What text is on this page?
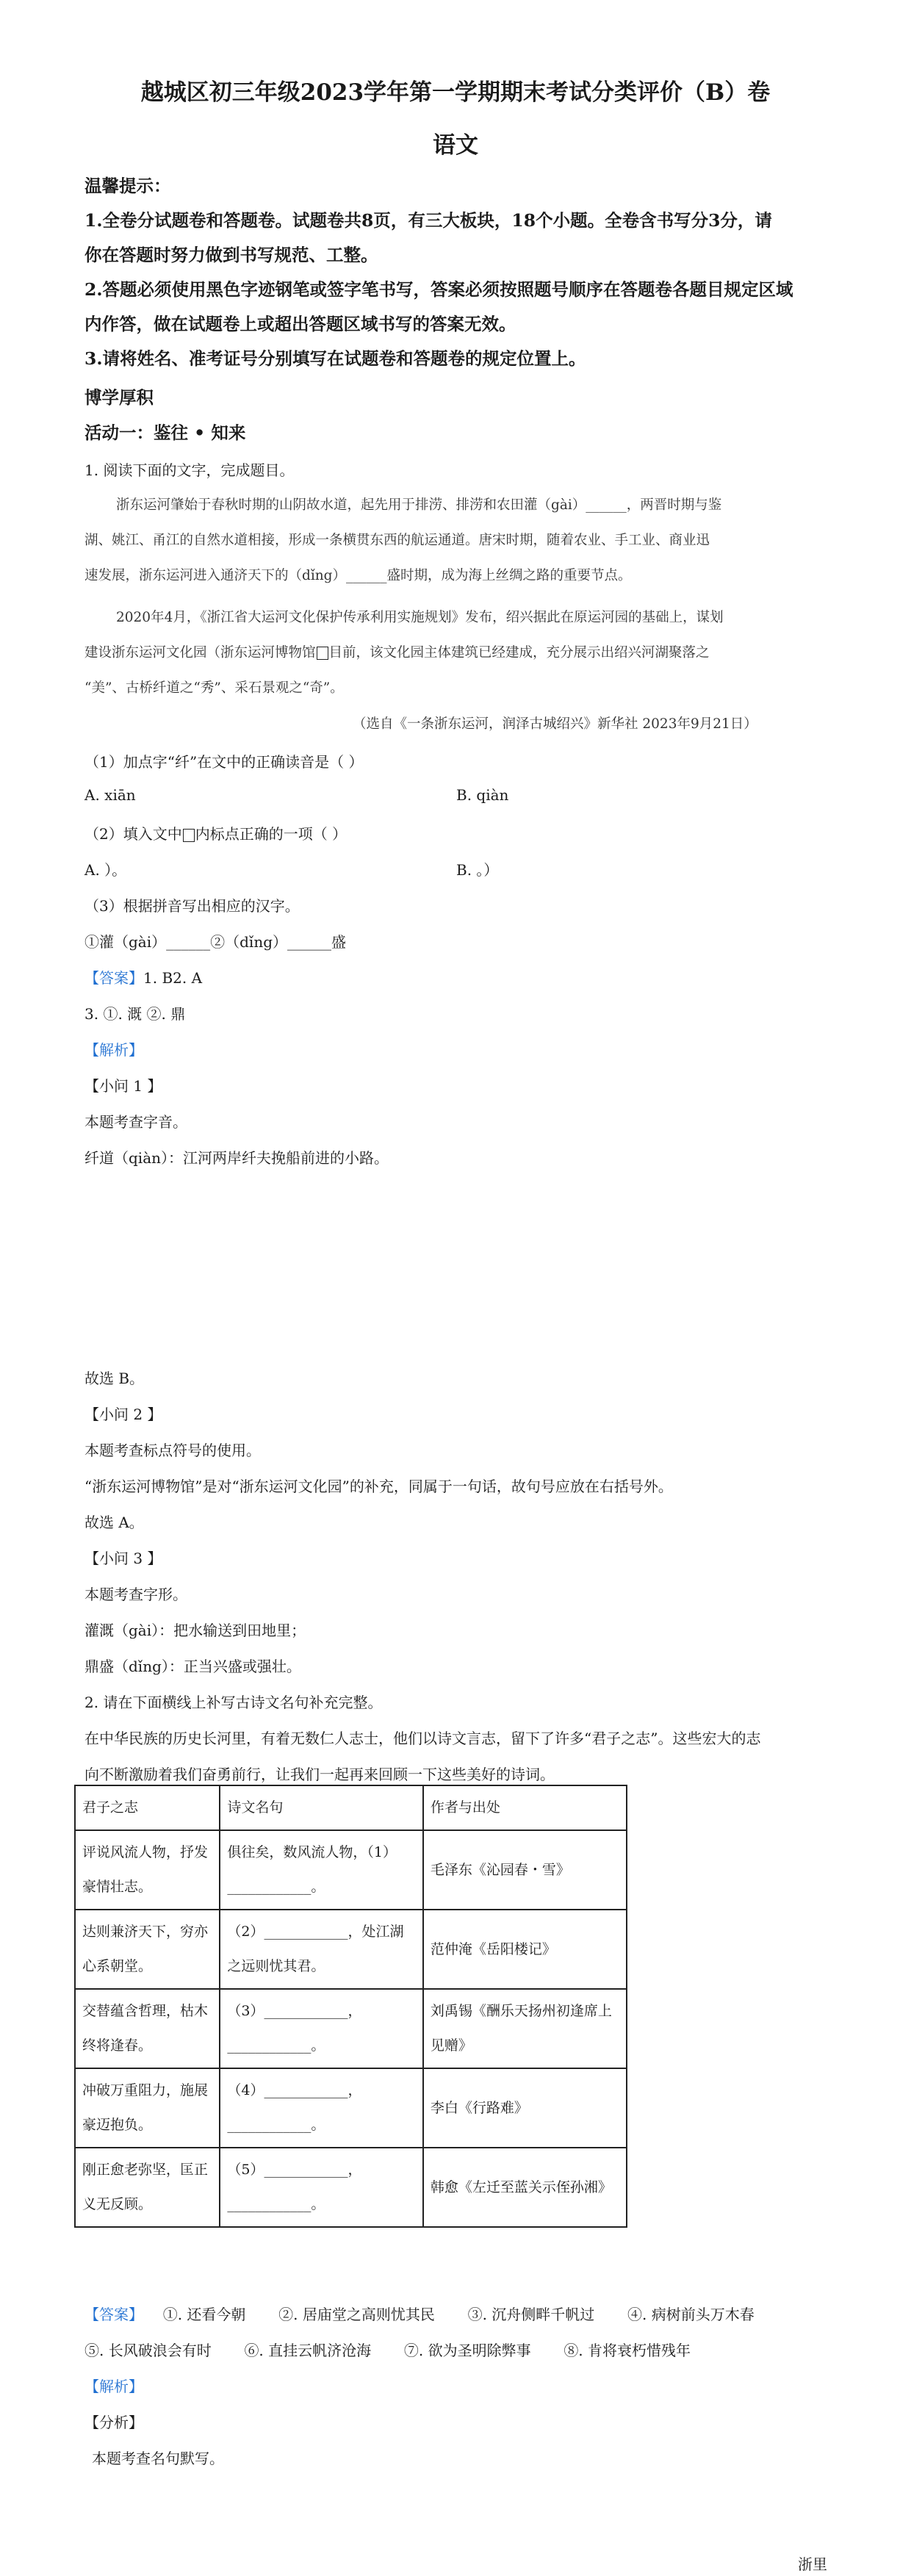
越城区初三年级2023学年第一学期期末考试分类评价（B）卷
语文
温馨提示：
1.全卷分试题卷和答题卷。试题卷共8页，有三大板块，18个小题。全卷含书写分3分，请
你在答题时努力做到书写规范、工整。
2.答题必须使用黑色字迹钢笔或签字笔书写，答案必须按照题号顺序在答题卷各题目规定区域
内作答，做在试题卷上或超出答题区域书写的答案无效。
3.请将姓名、准考证号分别填写在试题卷和答题卷的规定位置上。
博学厚积
活动一：鉴往 • 知来
1. 阅读下面的文字，完成题目。
浙东运河肇始于春秋时期的山阴故水道，起先用于排涝、排涝和农田灌（gài）______，两晋时期与鉴
湖、姚江、甬江的自然水道相接，形成一条横贯东西的航运通道。唐宋时期，随着农业、手工业、商业迅
速发展，浙东运河进入通济天下的（dǐng）______盛时期，成为海上丝绸之路的重要节点。
2020年4月，《浙江省大运河文化保护传承利用实施规划》发布，绍兴据此在原运河园的基础上，谋划
建设浙东运河文化园（浙东运河博物馆 目前，该文化园主体建筑已经建成，充分展示出绍兴河湖聚落之
“美”、古桥纤道之“秀”、采石景观之“奇”。
（选自《一条浙东运河，润泽古城绍兴》新华社 2023年9月21日）
（1）加点字“纤”在文中的正确读音是（ ）
A. xiān	B. qiàn
（2）填入文中 内标点正确的一项（ ）
A. ）。	B. 。）
（3）根据拼音写出相应的汉字。
①灌（gài）______②（dǐng）______盛
【答案】1. B2. A
3. ①. 溉 ②. 鼎
【解析】
【小问 1 】
本题考查字音。
纤道（qiàn）：江河两岸纤夫挽船前进的小路。
故选 B。
【小问 2 】
本题考查标点符号的使用。
“浙东运河博物馆”是对“浙东运河文化园”的补充，同属于一句话，故句号应放在右括号外。
故选 A。
【小问 3 】
本题考查字形。
灌溉（gài）：把水输送到田地里；
鼎盛（dǐng）：正当兴盛或强壮。
2. 请在下面横线上补写古诗文名句补充完整。
在中华民族的历史长河里，有着无数仁人志士，他们以诗文言志，留下了许多“君子之志”。这些宏大的志
向不断激励着我们奋勇前行，让我们一起再来回顾一下这些美好的诗词。
君子之志	诗文名句	作者与出处
评说风流人物，抒发豪情壮志。	俱往矣，数风流人物，（1）____________。	毛泽东《沁园春・雪》
达则兼济天下，穷亦心系朝堂。	（2）____________，处江湖之远则忧其君。	范仲淹《岳阳楼记》
交替蕴含哲理，枯木终将逢春。	（3）____________，____________。	刘禹锡《酬乐天扬州初逢席上见赠》
冲破万重阻力，施展豪迈抱负。	（4）____________，____________。	李白《行路难》
刚正愈老弥坚，匡正义无反顾。	（5）____________，____________。	韩愈《左迁至蓝关示侄孙湘》
【答案】 ①. 还看今朝 ②. 居庙堂之高则忧其民 ③. 沉舟侧畔千帆过 ④. 病树前头万木春
⑤. 长风破浪会有时 ⑥. 直挂云帆济沧海 ⑦. 欲为圣明除弊事 ⑧. 肯将衰朽惜残年
【解析】
【分析】
本题考查名句默写。
浙里
